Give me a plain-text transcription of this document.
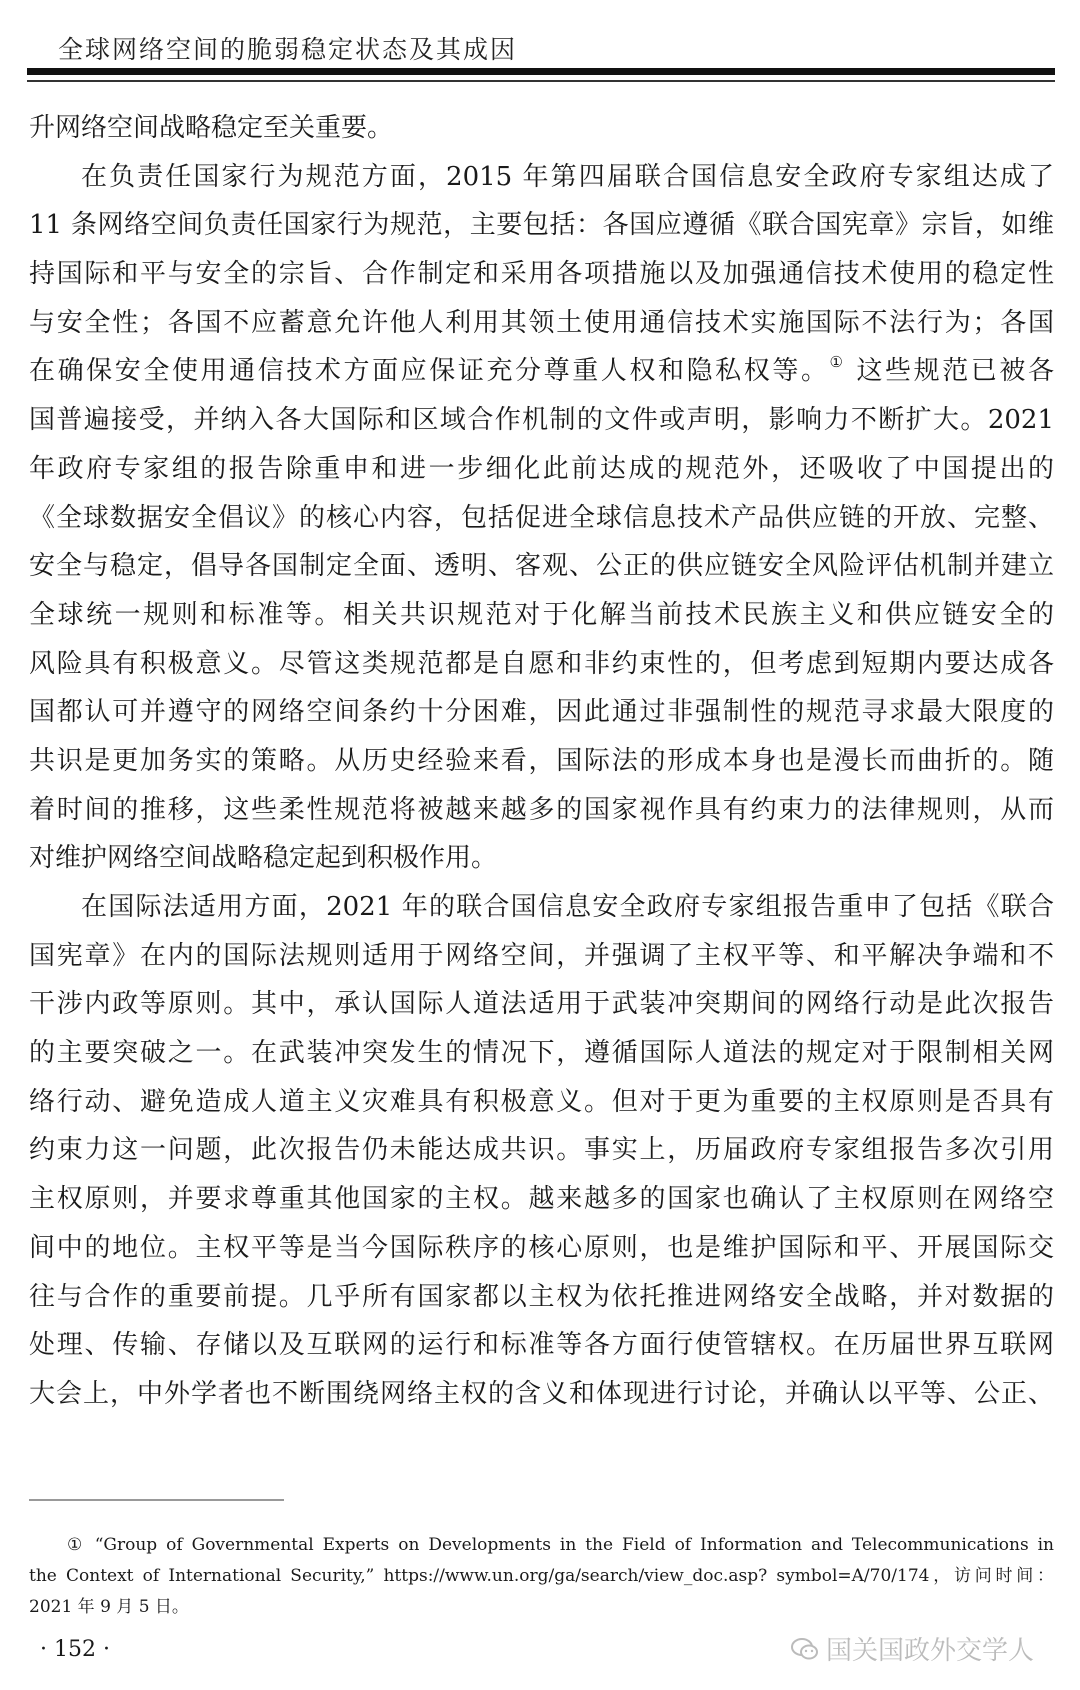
全球网络空间的脆弱稳定状态及其成因
升网络空间战略稳定至关重要。
在负责任国家行为规范方面，2015 年第四届联合国信息安全政府专家组达成了
11 条网络空间负责任国家行为规范，主要包括：各国应遵循《联合国宪章》宗旨，如维
持国际和平与安全的宗旨、合作制定和采用各项措施以及加强通信技术使用的稳定性
与安全性；各国不应蓄意允许他人利用其领土使用通信技术实施国际不法行为；各国
在确保安全使用通信技术方面应保证充分尊重人权和隐私权等。① 这些规范已被各
国普遍接受，并纳入各大国际和区域合作机制的文件或声明，影响力不断扩大。2021
年政府专家组的报告除重申和进一步细化此前达成的规范外，还吸收了中国提出的
《全球数据安全倡议》的核心内容，包括促进全球信息技术产品供应链的开放、完整、
安全与稳定，倡导各国制定全面、透明、客观、公正的供应链安全风险评估机制并建立
全球统一规则和标准等。相关共识规范对于化解当前技术民族主义和供应链安全的
风险具有积极意义。尽管这类规范都是自愿和非约束性的，但考虑到短期内要达成各
国都认可并遵守的网络空间条约十分困难，因此通过非强制性的规范寻求最大限度的
共识是更加务实的策略。从历史经验来看，国际法的形成本身也是漫长而曲折的。随
着时间的推移，这些柔性规范将被越来越多的国家视作具有约束力的法律规则，从而
对维护网络空间战略稳定起到积极作用。
在国际法适用方面，2021 年的联合国信息安全政府专家组报告重申了包括《联合
国宪章》在内的国际法规则适用于网络空间，并强调了主权平等、和平解决争端和不
干涉内政等原则。其中，承认国际人道法适用于武装冲突期间的网络行动是此次报告
的主要突破之一。在武装冲突发生的情况下，遵循国际人道法的规定对于限制相关网
络行动、避免造成人道主义灾难具有积极意义。但对于更为重要的主权原则是否具有
约束力这一问题，此次报告仍未能达成共识。事实上，历届政府专家组报告多次引用
主权原则，并要求尊重其他国家的主权。越来越多的国家也确认了主权原则在网络空
间中的地位。主权平等是当今国际秩序的核心原则，也是维护国际和平、开展国际交
往与合作的重要前提。几乎所有国家都以主权为依托推进网络安全战略，并对数据的
处理、传输、存储以及互联网的运行和标准等各方面行使管辖权。在历届世界互联网
大会上，中外学者也不断围绕网络主权的含义和体现进行讨论，并确认以平等、公正、
① “Group of Governmental Experts on Developments in the Field of Information and Telecommunications in
the Context of International Security,” https://www.un.org/ga/search/view_doc.asp? symbol=A/70/174，访问时间：
2021 年 9 月 5 日。
· 152 ·	国关国政外交学人
